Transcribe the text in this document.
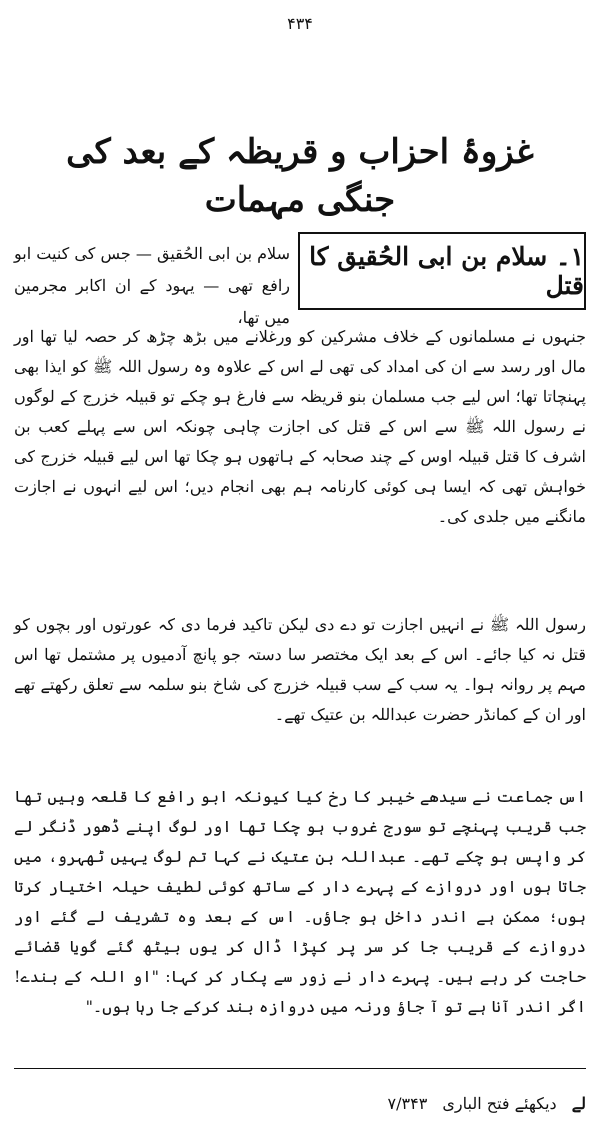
۴۳۴
غزوۂ احزاب و قریظہ کے بعد کی جنگی مہمات
۱۔ سلام بن ابی الحُقیق کا قتل
سلام بن ابی الحُقیق — جس کی کنیت ابو رافع تھی — یہود کے ان اکابر مجرمین میں تھا،
جنہوں نے مسلمانوں کے خلاف مشرکین کو ورغلانے میں بڑھ چڑھ کر حصہ لیا تھا اور مال اور رسد سے ان کی امداد کی تھی لے اس کے علاوہ وہ رسول اللہ ﷺ کو ایذا بھی پہنچاتا تھا؛ اس لیے جب مسلمان بنو قریظہ سے فارغ ہو چکے تو قبیلہ خزرج کے لوگوں نے رسول اللہ ﷺ سے اس کے قتل کی اجازت چاہی چونکہ اس سے پہلے کعب بن اشرف کا قتل قبیلہ اوس کے چند صحابہ کے ہاتھوں ہو چکا تھا اس لیے قبیلہ خزرج کی خواہش تھی کہ ایسا ہی کوئی کارنامہ ہم بھی انجام دیں؛ اس لیے انہوں نے اجازت مانگنے میں جلدی کی۔
رسول اللہ ﷺ نے انہیں اجازت تو دے دی لیکن تاکید فرما دی کہ عورتوں اور بچوں کو قتل نہ کیا جائے۔ اس کے بعد ایک مختصر سا دستہ جو پانچ آدمیوں پر مشتمل تھا اس مہم پر روانہ ہوا۔ یہ سب کے سب قبیلہ خزرج کی شاخ بنو سلمہ سے تعلق رکھتے تھے اور ان کے کمانڈر حضرت عبداللہ بن عتیک تھے۔
اس جماعت نے سیدھے خیبر کا رخ کیا کیونکہ ابو رافع کا قلعہ وہیں تھا جب قریب پہنچے تو سورج غروب ہو چکا تھا اور لوگ اپنے ڈھور ڈنگر لے کر واپس ہو چکے تھے۔ عبداللہ بن عتیک نے کہا تم لوگ یہیں ٹھہرو، میں جاتا ہوں اور دروازے کے پہرے دار کے ساتھ کوئی لطیف حیلہ اختیار کرتا ہوں؛ ممکن ہے اندر داخل ہو جاؤں۔ اس کے بعد وہ تشریف لے گئے اور دروازے کے قریب جا کر سر پر کپڑا ڈال کر یوں بیٹھ گئے گویا قضائے حاجت کر رہے ہیں۔ پہرے دار نے زور سے پکار کر کہا: "او اللہ کے بندے! اگر اندر آنا ہے تو آ جاؤ ورنہ میں دروازہ بند کرکے جا رہا ہوں۔"
لے دیکھئے فتح الباری ۷/۳۴۳
